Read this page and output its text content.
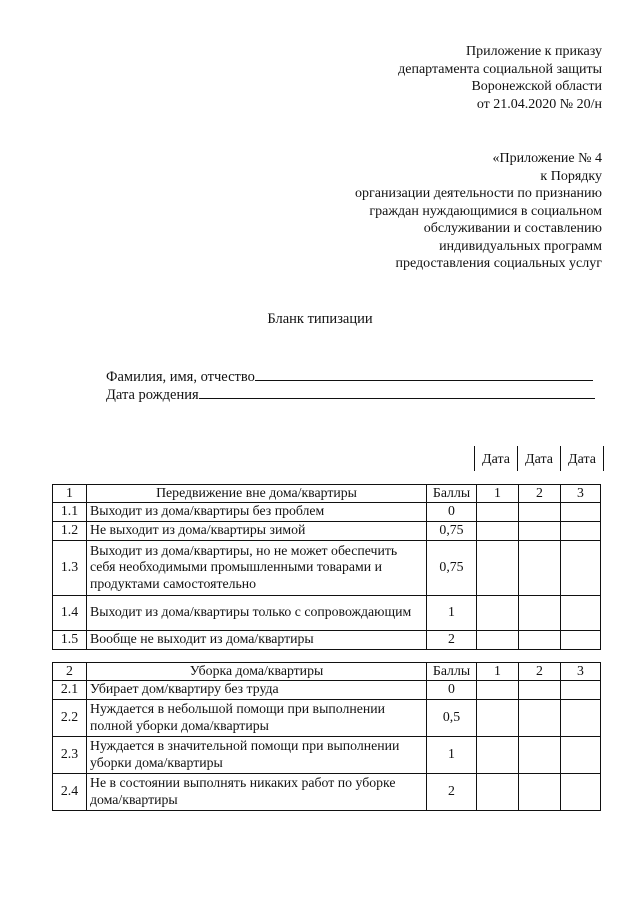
Приложение к приказу
департамента социальной защиты
Воронежской области
от 21.04.2020 № 20/н
«Приложение № 4
к Порядку
организации деятельности по признанию
граждан нуждающимися в социальном
обслуживании и составлению
индивидуальных программ
предоставления социальных услуг
Бланк типизации
Фамилия, имя, отчество
Дата рождения
Дата	Дата	Дата
1	Передвижение вне дома/квартиры	Баллы	1	2	3
1.1	Выходит из дома/квартиры без проблем	0			
1.2	Не выходит из дома/квартиры зимой	0,75			
1.3	Выходит из дома/квартиры, но не может обеспечить себя необходимыми промышленными товарами и продуктами самостоятельно	0,75			
1.4	Выходит из дома/квартиры только с сопровождающим	1			
1.5	Вообще не выходит из дома/квартиры	2			
2	Уборка дома/квартиры	Баллы	1	2	3
2.1	Убирает дом/квартиру без труда	0			
2.2	Нуждается в небольшой помощи при выполнении полной уборки дома/квартиры	0,5			
2.3	Нуждается в значительной помощи при выполнении уборки дома/квартиры	1			
2.4	Не в состоянии выполнять никаких работ по уборке дома/квартиры	2			
